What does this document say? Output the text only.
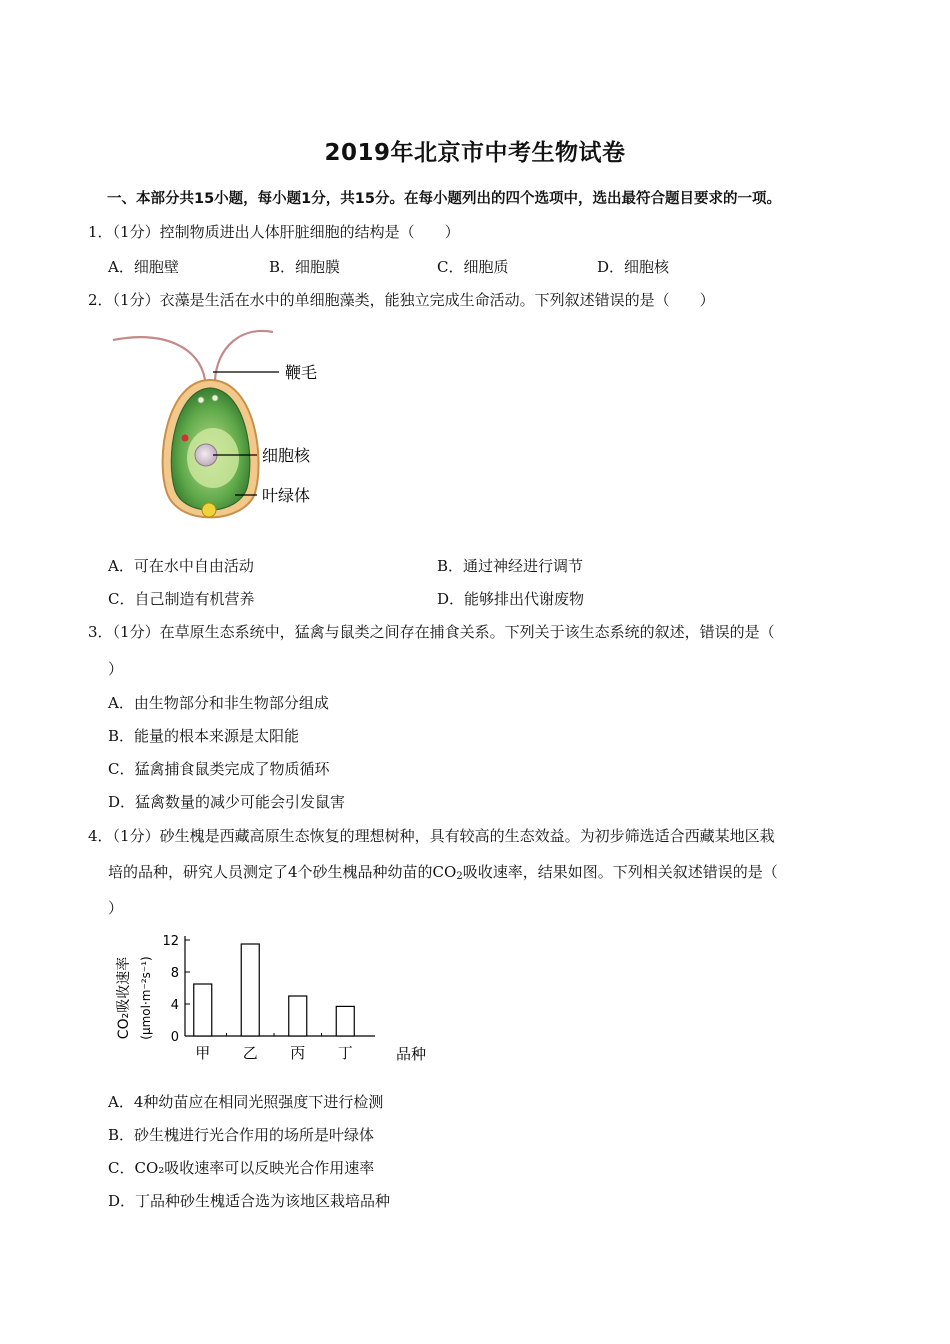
2019年北京市中考生物试卷
一、本部分共15小题，每小题1分，共15分。在每小题列出的四个选项中，选出最符合题目要求的一项。
1．（1分）控制物质进出人体肝脏细胞的结构是（　　）
A．细胞壁	B．细胞膜	C．细胞质	D．细胞核
2．（1分）衣藻是生活在水中的单细胞藻类，能独立完成生命活动。下列叙述错误的是（　　）
鞭毛
细胞核
叶绿体
A．可在水中自由活动	B．通过神经进行调节
C．自己制造有机营养	D．能够排出代谢废物
3．（1分）在草原生态系统中，猛禽与鼠类之间存在捕食关系。下列关于该生态系统的叙述，错误的是（
）
A．由生物部分和非生物部分组成
B．能量的根本来源是太阳能
C．猛禽捕食鼠类完成了物质循环
D．猛禽数量的减少可能会引发鼠害
4．（1分）砂生槐是西藏高原生态恢复的理想树种，具有较高的生态效益。为初步筛选适合西藏某地区栽
培的品种，研究人员测定了4个砂生槐品种幼苗的$CO_2$吸收速率，结果如图。下列相关叙述错误的是（
）
CO₂吸收速率 (μmol·m⁻²s⁻¹) 0
4
8
12
甲 乙 丙 丁	品种
A．4种幼苗应在相同光照强度下进行检测
B．砂生槐进行光合作用的场所是叶绿体
C．CO₂吸收速率可以反映光合作用速率
D．丁品种砂生槐适合选为该地区栽培品种
